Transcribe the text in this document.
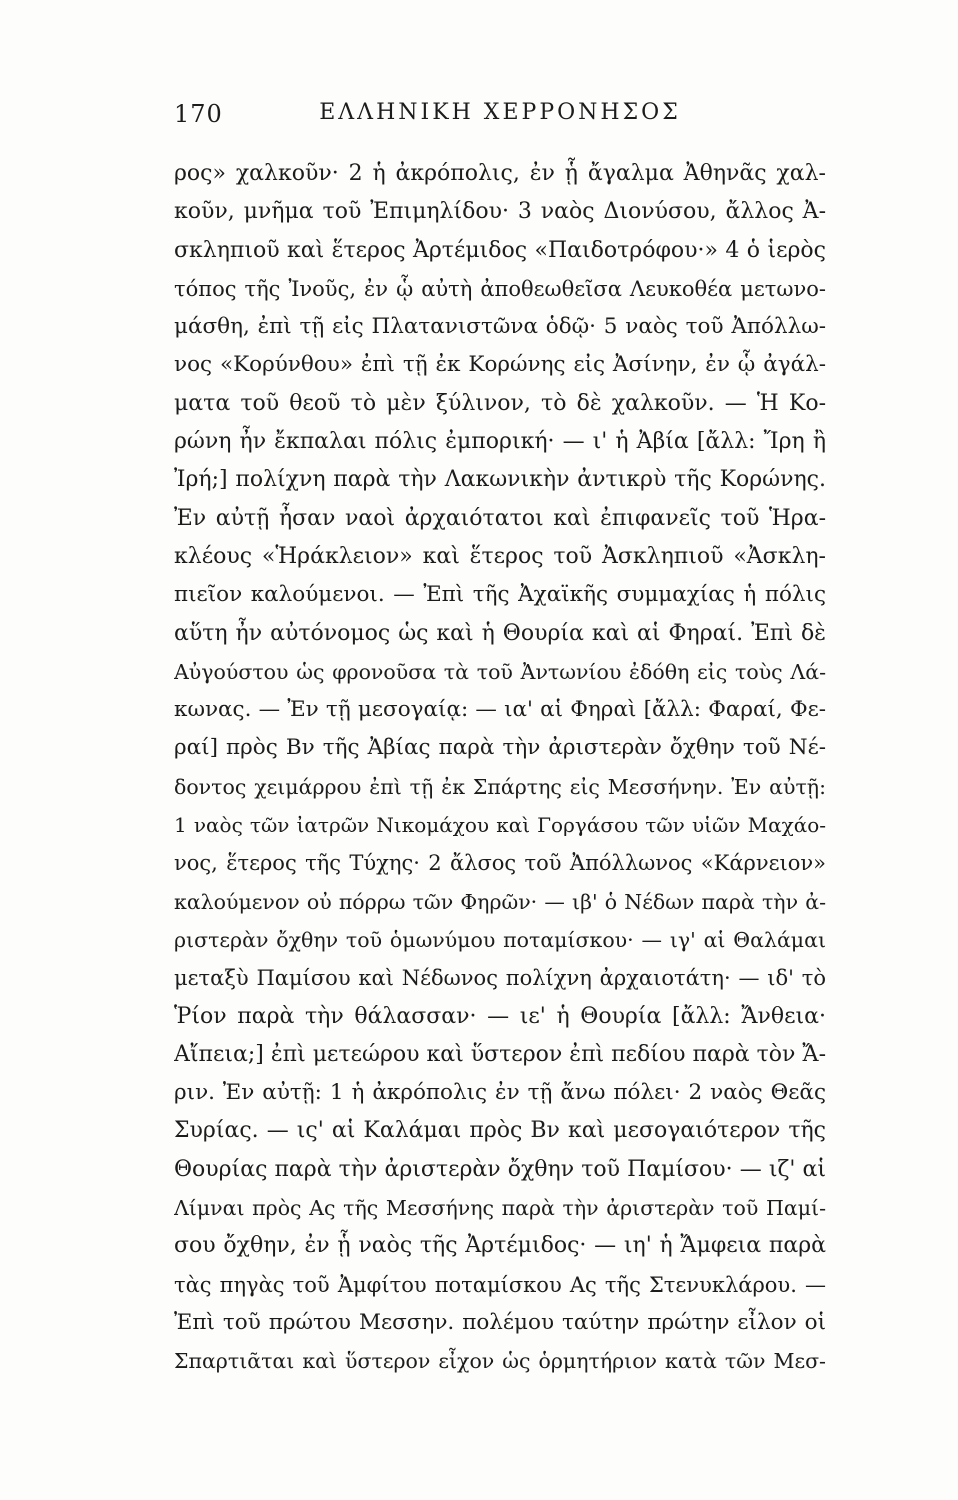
170	ΕΛΛΗΝΙΚΗ ΧΕΡΡΟΝΗΣΟΣ
ρος» χαλκοῦν· 2 ἡ ἀκρόπολις, ἐν ᾗ ἄγαλμα Ἀθηνᾶς χαλ-
κοῦν, μνῆμα τοῦ Ἐπιμηλίδου· 3 ναὸς Διονύσου, ἄλλος Ἀ-
σκληπιοῦ καὶ ἕτερος Ἀρτέμιδος «Παιδοτρόφου·» 4 ὁ ἱερὸς
τόπος τῆς Ἰνοῦς, ἐν ᾧ αὐτὴ ἀποθεωθεῖσα Λευκοθέα μετωνο-
μάσθη, ἐπὶ τῇ εἰς Πλατανιστῶνα ὁδῷ· 5 ναὸς τοῦ Ἀπόλλω-
νος «Κορύνθου» ἐπὶ τῇ ἐκ Κορώνης εἰς Ἀσίνην, ἐν ᾧ ἀγάλ-
ματα τοῦ θεοῦ τὸ μὲν ξύλινον, τὸ δὲ χαλκοῦν. — Ἡ Κο-
ρώνη ἦν ἔκπαλαι πόλις ἐμπορική· — ι' ἡ Ἀβία [ἄλλ: Ἴρη ἢ
Ἰρή;] πολίχνη παρὰ τὴν Λακωνικὴν ἀντικρὺ τῆς Κορώνης.
Ἐν αὐτῇ ἦσαν ναοὶ ἀρχαιότατοι καὶ ἐπιφανεῖς τοῦ Ἡρα-
κλέους «Ἡράκλειον» καὶ ἕτερος τοῦ Ἀσκληπιοῦ «Ἀσκλη-
πιεῖον καλούμενοι. — Ἐπὶ τῆς Ἀχαϊκῆς συμμαχίας ἡ πόλις
αὕτη ἦν αὐτόνομος ὡς καὶ ἡ Θουρία καὶ αἱ Φηραί. Ἐπὶ δὲ
Αὐγούστου ὡς φρονοῦσα τὰ τοῦ Ἀντωνίου ἐδόθη εἰς τοὺς Λά-
κωνας. — Ἐν τῇ μεσογαίᾳ: — ια' αἱ Φηραὶ [ἄλλ: Φαραί, Φε-
ραί] πρὸς Βν τῆς Ἀβίας παρὰ τὴν ἀριστερὰν ὄχθην τοῦ Νέ-
δοντος χειμάρρου ἐπὶ τῇ ἐκ Σπάρτης εἰς Μεσσήνην. Ἐν αὐτῇ:
1 ναὸς τῶν ἰατρῶν Νικομάχου καὶ Γοργάσου τῶν υἱῶν Μαχάο-
νος, ἕτερος τῆς Τύχης· 2 ἄλσος τοῦ Ἀπόλλωνος «Κάρνειον»
καλούμενον οὐ πόρρω τῶν Φηρῶν· — ιβ' ὁ Νέδων παρὰ τὴν ἀ-
ριστερὰν ὄχθην τοῦ ὁμωνύμου ποταμίσκου· — ιγ' αἱ Θαλάμαι
μεταξὺ Παμίσου καὶ Νέδωνος πολίχνη ἀρχαιοτάτη· — ιδ' τὸ
Ῥίον παρὰ τὴν θάλασσαν· — ιε' ἡ Θουρία [ἄλλ: Ἄνθεια·
Αἴπεια;] ἐπὶ μετεώρου καὶ ὕστερον ἐπὶ πεδίου παρὰ τὸν Ἄ-
ριν. Ἐν αὐτῇ: 1 ἡ ἀκρόπολις ἐν τῇ ἄνω πόλει· 2 ναὸς Θεᾶς
Συρίας. — ις' αἱ Καλάμαι πρὸς Βν καὶ μεσογαιότερον τῆς
Θουρίας παρὰ τὴν ἀριστερὰν ὄχθην τοῦ Παμίσου· — ιζ' αἱ
Λίμναι πρὸς Ας τῆς Μεσσήνης παρὰ τὴν ἀριστερὰν τοῦ Παμί-
σου ὄχθην, ἐν ᾗ ναὸς τῆς Ἀρτέμιδος· — ιη' ἡ Ἄμφεια παρὰ
τὰς πηγὰς τοῦ Ἀμφίτου ποταμίσκου Ας τῆς Στενυκλάρου. —
Ἐπὶ τοῦ πρώτου Μεσσην. πολέμου ταύτην πρώτην εἶλον οἱ
Σπαρτιᾶται καὶ ὕστερον εἶχον ὡς ὁρμητήριον κατὰ τῶν Μεσ-
